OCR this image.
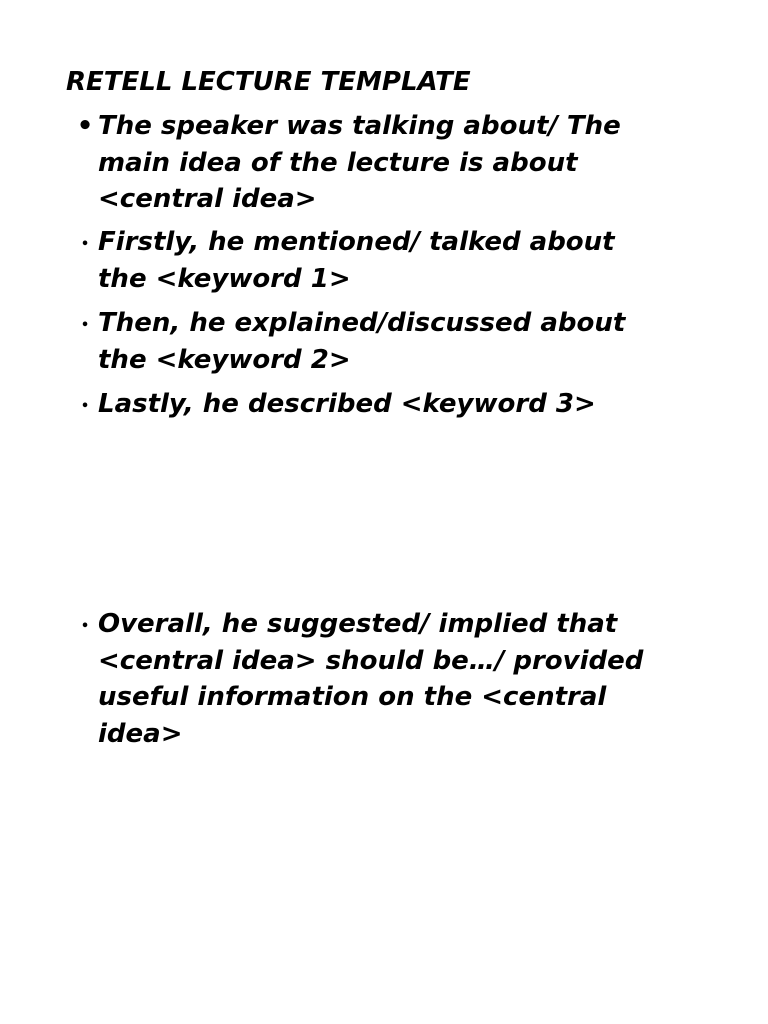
RETELL LECTURE TEMPLATE
• The speaker was talking about/ The
main idea of the lecture is about
<central idea>
• Firstly, he mentioned/ talked about
the <keyword 1>
• Then, he explained/discussed about
the <keyword 2>
• Lastly, he described <keyword 3>
• Overall, he suggested/ implied that
<central idea> should be…/ provided
useful information on the <central
idea>
